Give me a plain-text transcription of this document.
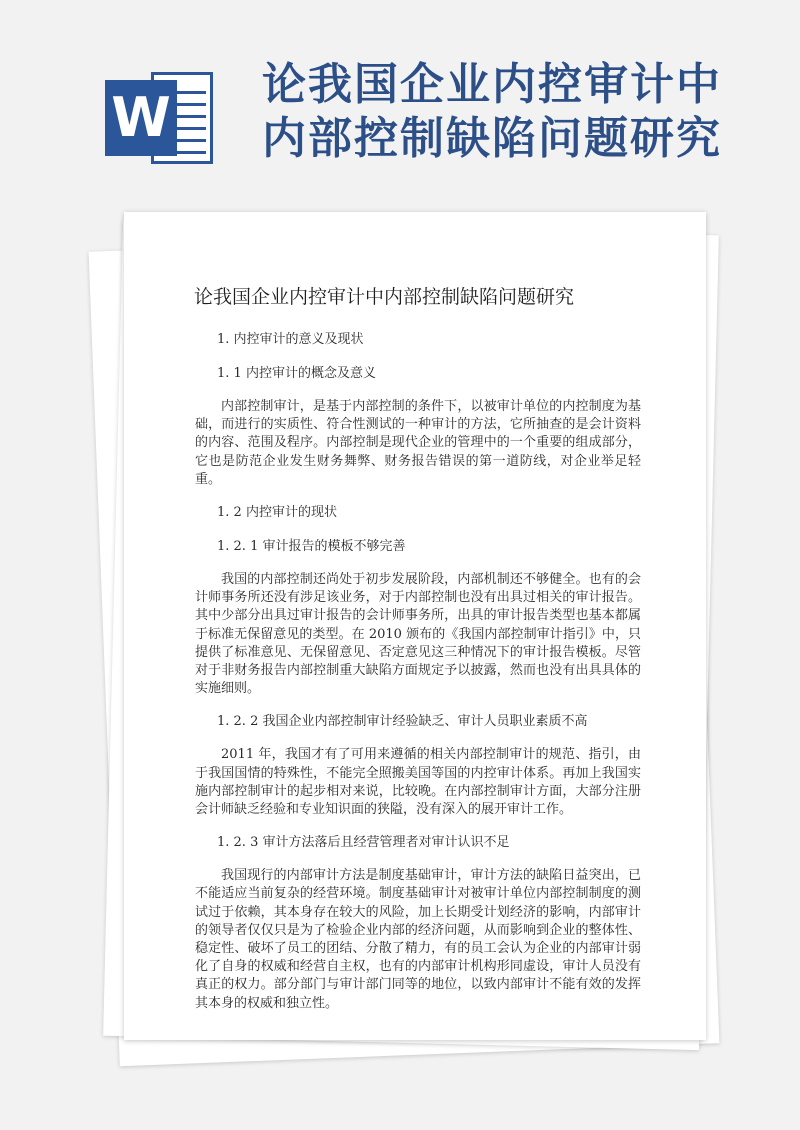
W
论我国企业内控审计中
内部控制缺陷问题研究
论我国企业内控审计中内部控制缺陷问题研究

1. 内控审计的意义及现状

1. 1 内控审计的概念及意义

内部控制审计，是基于内部控制的条件下，以被审计单位的内控制度为基础，而进行的实质性、符合性测试的一种审计的方法，它所抽查的是会计资料的内容、范围及程序。内部控制是现代企业的管理中的一个重要的组成部分，它也是防范企业发生财务舞弊、财务报告错误的第一道防线，对企业举足轻重。

1. 2 内控审计的现状

1. 2. 1 审计报告的模板不够完善

我国的内部控制还尚处于初步发展阶段，内部机制还不够健全。也有的会计师事务所还没有涉足该业务，对于内部控制也没有出具过相关的审计报告。其中少部分出具过审计报告的会计师事务所，出具的审计报告类型也基本都属于标准无保留意见的类型。在 2010 颁布的《我国内部控制审计指引》中，只提供了标准意见、无保留意见、否定意见这三种情况下的审计报告模板。尽管对于非财务报告内部控制重大缺陷方面规定予以披露，然而也没有出具具体的实施细则。

1. 2. 2 我国企业内部控制审计经验缺乏、审计人员职业素质不高

2011 年，我国才有了可用来遵循的相关内部控制审计的规范、指引，由于我国国情的特殊性，不能完全照搬美国等国的内控审计体系。再加上我国实施内部控制审计的起步相对来说，比较晚。在内部控制审计方面，大部分注册会计师缺乏经验和专业知识面的狭隘，没有深入的展开审计工作。

1. 2. 3 审计方法落后且经营管理者对审计认识不足

我国现行的内部审计方法是制度基础审计，审计方法的缺陷日益突出，已不能适应当前复杂的经营环境。制度基础审计对被审计单位内部控制制度的测试过于依赖，其本身存在较大的风险，加上长期受计划经济的影响，内部审计的领导者仅仅只是为了检验企业内部的经济问题，从而影响到企业的整体性、稳定性、破坏了员工的团结、分散了精力，有的员工会认为企业的内部审计弱化了自身的权威和经营自主权，也有的内部审计机构形同虚设，审计人员没有真正的权力。部分部门与审计部门同等的地位，以致内部审计不能有效的发挥其本身的权威和独立性。
